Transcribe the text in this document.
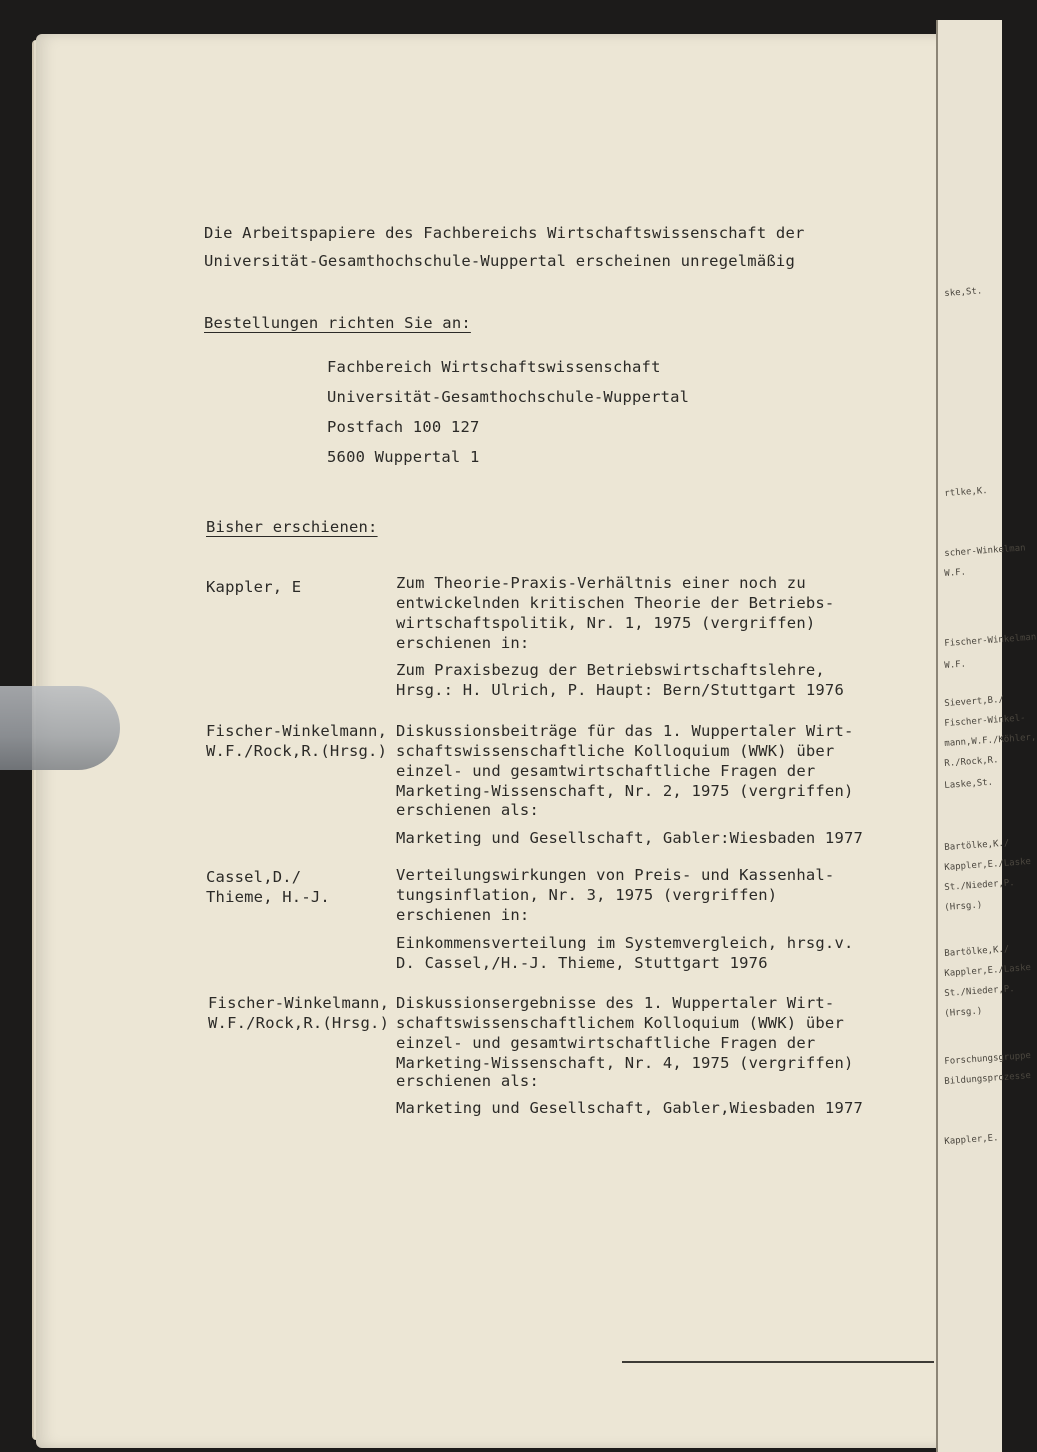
ske,St.
rtlke,K.
scher-Winkelman
W.F.
Fischer-Winkelman
W.F.
Sievert,B./
Fischer-Winkel-
mann,W.F./Köhler,
R./Rock,R.
Laske,St.
Bartölke,K./
Kappler,E./Laske
St./Nieder,P.
(Hrsg.)
Bartölke,K./
Kappler,E./Laske
St./Nieder,P.
(Hrsg.)
Forschungsgruppe
Bildungsprozesse
Kappler,E.
Die Arbeitspapiere des Fachbereichs Wirtschaftswissenschaft der
Universität-Gesamthochschule-Wuppertal erscheinen unregelmäßig
Bestellungen richten Sie an:
Fachbereich Wirtschaftswissenschaft
Universität-Gesamthochschule-Wuppertal
Postfach 100 127
5600 Wuppertal 1
Bisher erschienen:
Kappler, E	Zum Theorie-Praxis-Verhältnis einer noch zu
entwickelnden kritischen Theorie der Betriebs-
wirtschaftspolitik, Nr. 1, 1975 (vergriffen)
erschienen in:
Zum Praxisbezug der Betriebswirtschaftslehre,
Hrsg.: H. Ulrich, P. Haupt: Bern/Stuttgart 1976
Fischer-Winkelmann,
W.F./Rock,R.(Hrsg.)
Diskussionsbeiträge für das 1. Wuppertaler Wirt-
schaftswissenschaftliche Kolloquium (WWK) über
einzel- und gesamtwirtschaftliche Fragen der
Marketing-Wissenschaft, Nr. 2, 1975 (vergriffen)
erschienen als:
Marketing und Gesellschaft, Gabler:Wiesbaden 1977
Cassel,D./
Thieme, H.-J.
Verteilungswirkungen von Preis- und Kassenhal-
tungsinflation, Nr. 3, 1975 (vergriffen)
erschienen in:
Einkommensverteilung im Systemvergleich, hrsg.v.
D. Cassel,/H.-J. Thieme, Stuttgart 1976
Fischer-Winkelmann,
W.F./Rock,R.(Hrsg.)
Diskussionsergebnisse des 1. Wuppertaler Wirt-
schaftswissenschaftlichem Kolloquium (WWK) über
einzel- und gesamtwirtschaftliche Fragen der
Marketing-Wissenschaft, Nr. 4, 1975 (vergriffen)
erschienen als:
Marketing und Gesellschaft, Gabler,Wiesbaden 1977
